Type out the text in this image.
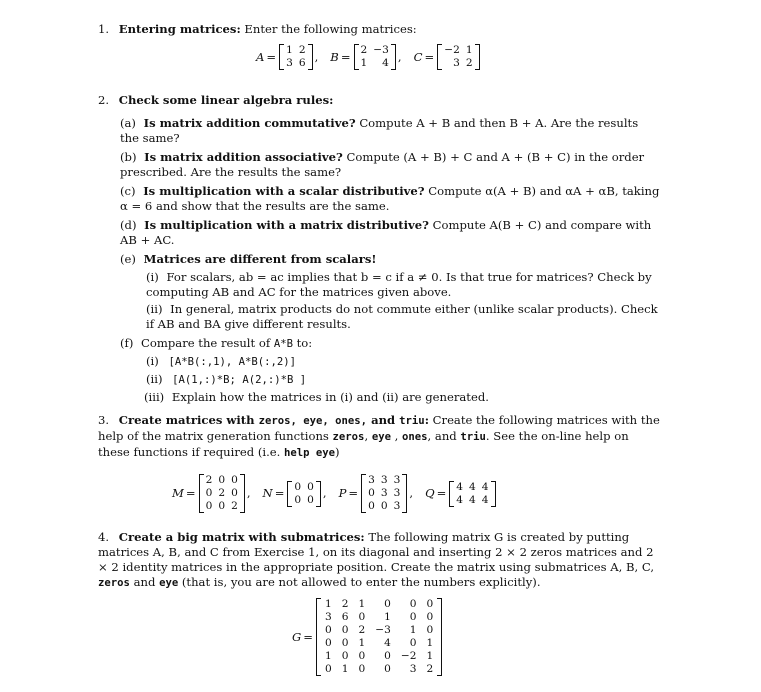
1. Entering matrices: Enter the following matrices:
A = 1	2
3	6 , B = 2	−3
1	4 , C = −2	1
3	2
2. Check some linear algebra rules:
(a) Is matrix addition commutative? Compute A + B and then B + A. Are the results the same?
(b) Is matrix addition associative? Compute (A + B) + C and A + (B + C) in the order prescribed. Are the results the same?
(c) Is multiplication with a scalar distributive? Compute α(A + B) and αA + αB, taking α = 6 and show that the results are the same.
(d) Is multiplication with a matrix distributive? Compute A(B + C) and compare with AB + AC.
(e) Matrices are different from scalars!
(i) For scalars, ab = ac implies that b = c if a ≠ 0. Is that true for matrices? Check by computing AB and AC for the matrices given above.
(ii) In general, matrix products do not commute either (unlike scalar products). Check if AB and BA give different results.
(f) Compare the result of A*B to:
(i) [A*B(:,1), A*B(:,2)]
(ii) [A(1,:)*B; A(2,:)*B ]
(iii) Explain how the matrices in (i) and (ii) are generated.
3. Create matrices with zeros, eye, ones, and triu: Create the following matrices with the help of the matrix generation functions zeros, eye , ones, and triu. See the on-line help on these functions if required (i.e. help eye)
M =
2	0	0
0	2	0
0	0	2
, N = 0	0
0	0 , P =
3	3	3
0	3	3
0	0	3
, Q = 4	4	4
4	4	4
4. Create a big matrix with submatrices: The following matrix G is created by putting matrices A, B, and C from Exercise 1, on its diagonal and inserting 2 × 2 zeros matrices and 2 × 2 identity matrices in the appropriate position. Create the matrix using submatrices A, B, C, zeros and eye (that is, you are not allowed to enter the numbers explicitly).
G =
1	2	1	0	0	0
3	6	0	1	0	0
0	0	2	−3	1	0
0	0	1	4	0	1
1	0	0	0	−2	1
0	1	0	0	3	2
